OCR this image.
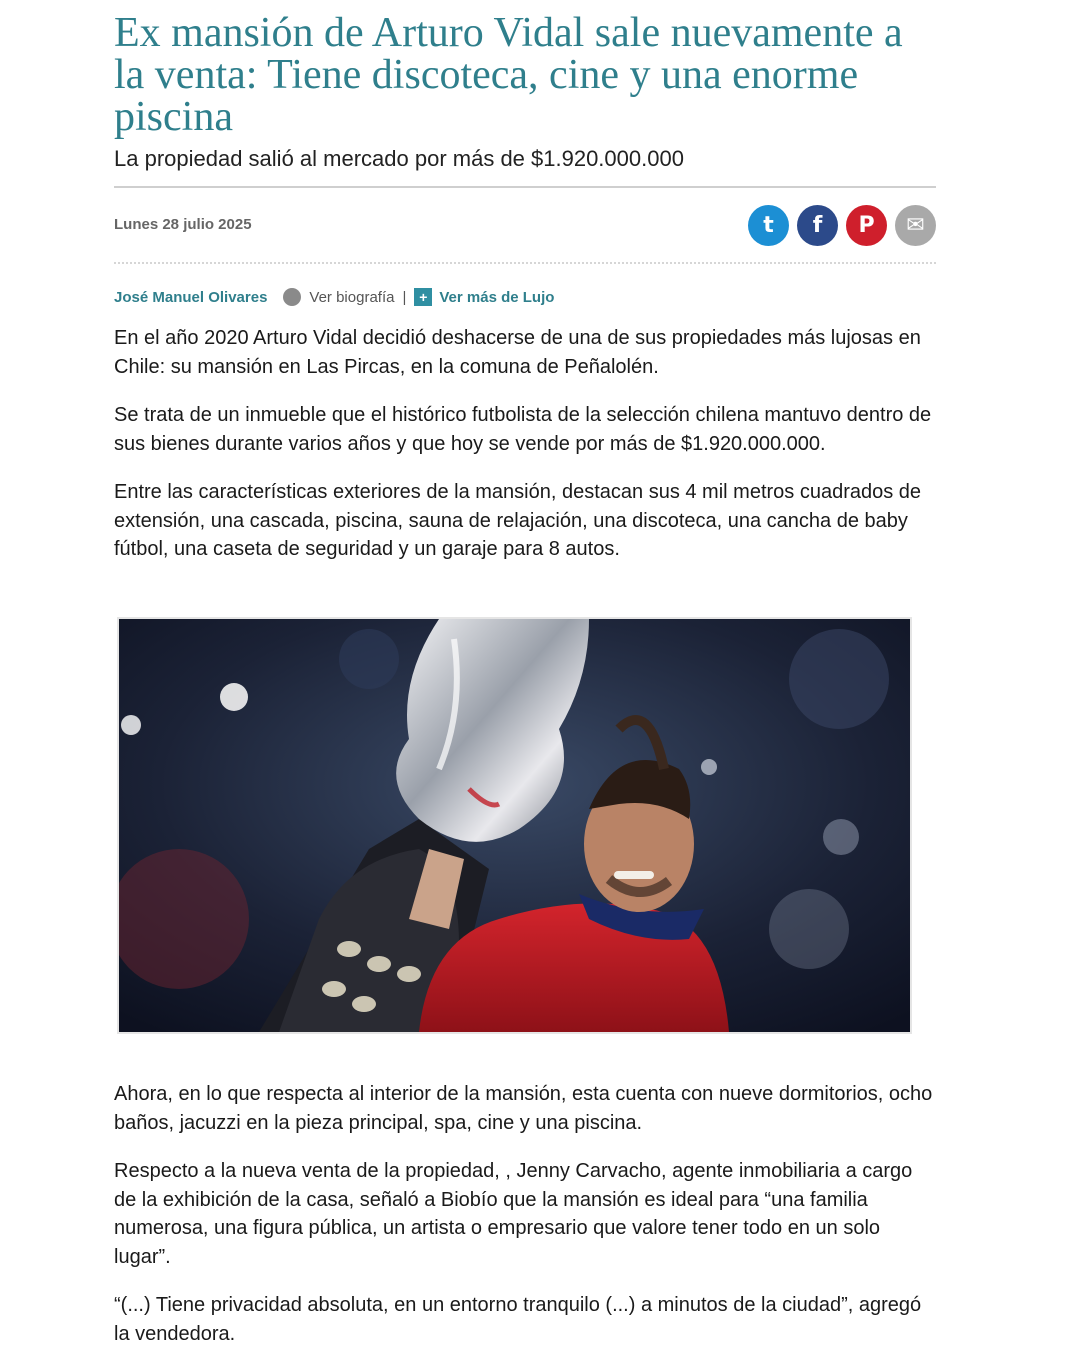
Ex mansión de Arturo Vidal sale nuevamente a la venta: Tiene discoteca, cine y una enorme piscina
La propiedad salió al mercado por más de $1.920.000.000
Lunes 28 julio 2025	t f P ✉
José Manuel Olivares	Ver biografía | + Ver más de Lujo

En el año 2020 Arturo Vidal decidió deshacerse de una de sus propiedades más lujosas en Chile: su mansión en Las Pircas, en la comuna de Peñalolén.

Se trata de un inmueble que el histórico futbolista de la selección chilena mantuvo dentro de sus bienes durante varios años y que hoy se vende por más de $1.920.000.000.

Entre las características exteriores de la mansión, destacan sus 4 mil metros cuadrados de extensión, una cascada, piscina, sauna de relajación, una discoteca, una cancha de baby fútbol, una caseta de seguridad y un garaje para 8 autos.

Ahora, en lo que respecta al interior de la mansión, esta cuenta con nueve dormitorios, ocho baños, jacuzzi en la pieza principal, spa, cine y una piscina.

Respecto a la nueva venta de la propiedad, , Jenny Carvacho, agente inmobiliaria a cargo de la exhibición de la casa, señaló a Biobío que la mansión es ideal para “una familia numerosa, una figura pública, un artista o empresario que valore tener todo en un solo lugar”.

“(...) Tiene privacidad absoluta, en un entorno tranquilo (...) a minutos de la ciudad”, agregó la vendedora.
